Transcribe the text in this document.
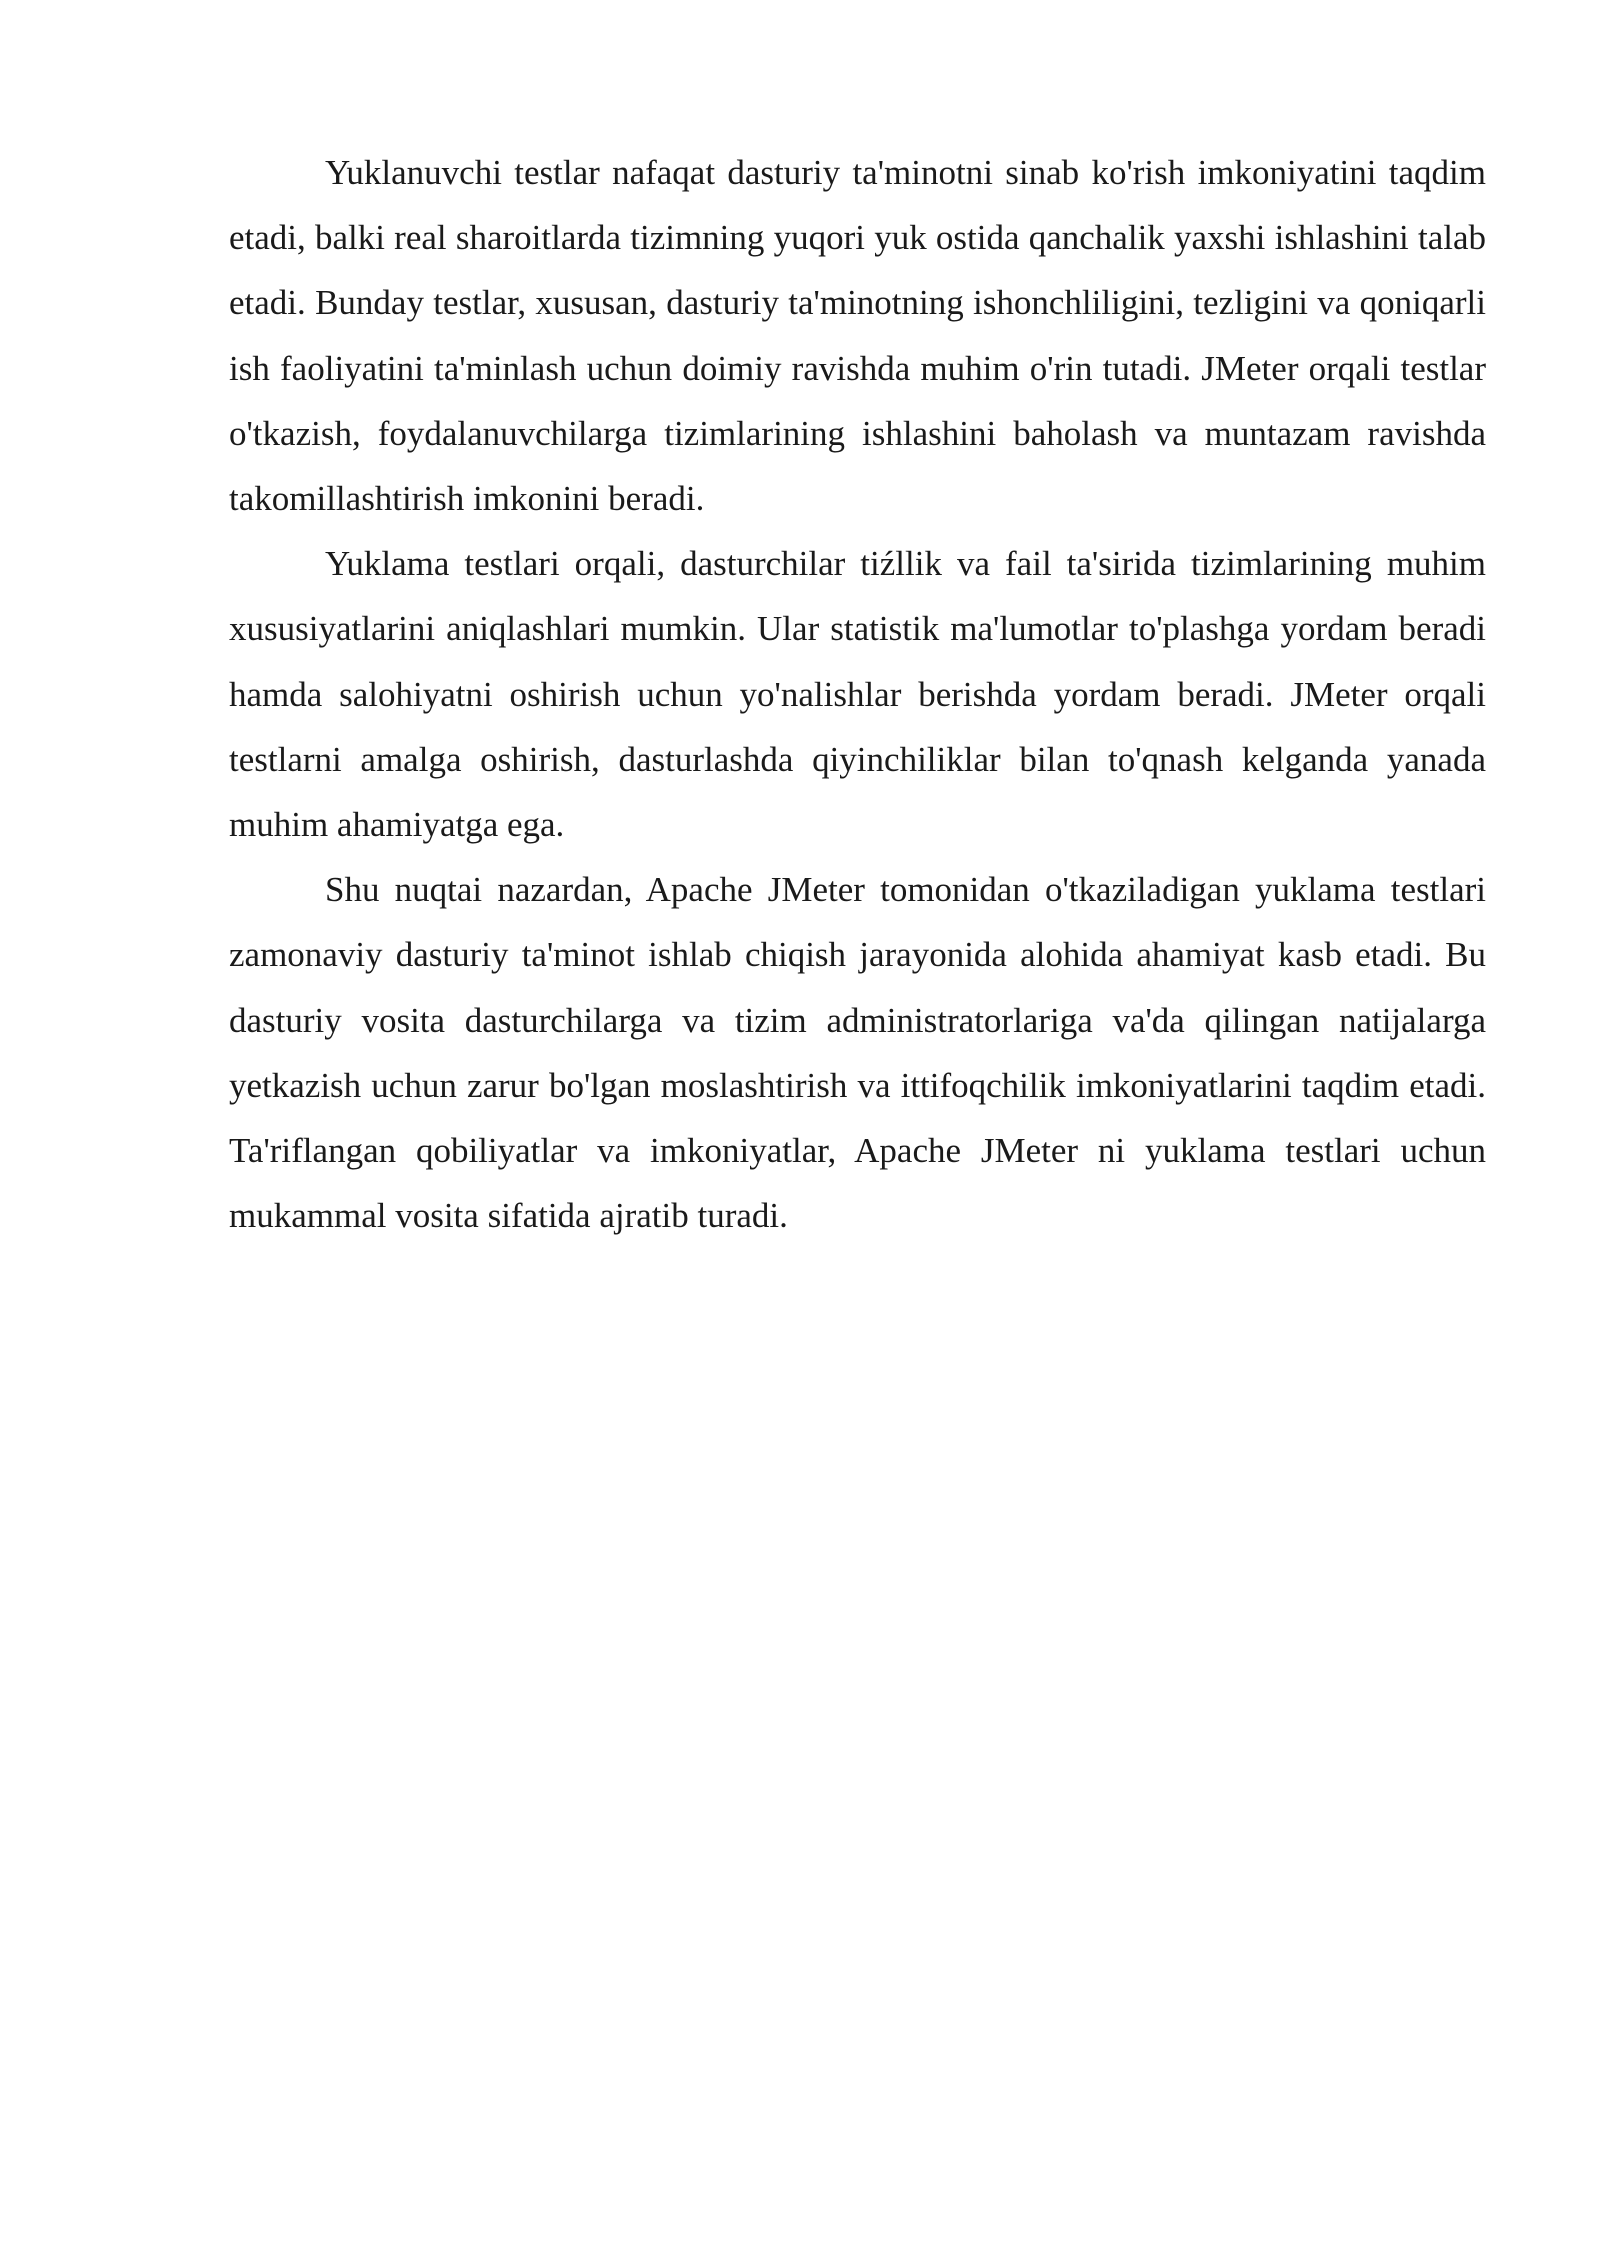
Yuklanuvchi testlar nafaqat dasturiy ta'minotni sinab ko'rish imkoniyatini taqdim etadi, balki real sharoitlarda tizimning yuqori yuk ostida qanchalik yaxshi ishlashini talab etadi. Bunday testlar, xususan, dasturiy ta'minotning ishonchliligini, tezligini va qoniqarli ish faoliyatini ta'minlash uchun doimiy ravishda muhim o'rin tutadi. JMeter orqali testlar o'tkazish, foydalanuvchilarga tizimlarining ishlashini baholash va muntazam ravishda takomillashtirish imkonini beradi.

Yuklama testlari orqali, dasturchilar tiźllik va fail ta'sirida tizimlarining muhim xususiyatlarini aniqlashlari mumkin. Ular statistik ma'lumotlar to'plashga yordam beradi hamda salohiyatni oshirish uchun yo'nalishlar berishda yordam beradi. JMeter orqali testlarni amalga oshirish, dasturlashda qiyinchiliklar bilan to'qnash kelganda yanada muhim ahamiyatga ega.

Shu nuqtai nazardan, Apache JMeter tomonidan o'tkaziladigan yuklama testlari zamonaviy dasturiy ta'minot ishlab chiqish jarayonida alohida ahamiyat kasb etadi. Bu dasturiy vosita dasturchilarga va tizim administratorlariga va'da qilingan natijalarga yetkazish uchun zarur bo'lgan moslashtirish va ittifoqchilik imkoniyatlarini taqdim etadi. Ta'riflangan qobiliyatlar va imkoniyatlar, Apache JMeter ni yuklama testlari uchun mukammal vosita sifatida ajratib turadi.
